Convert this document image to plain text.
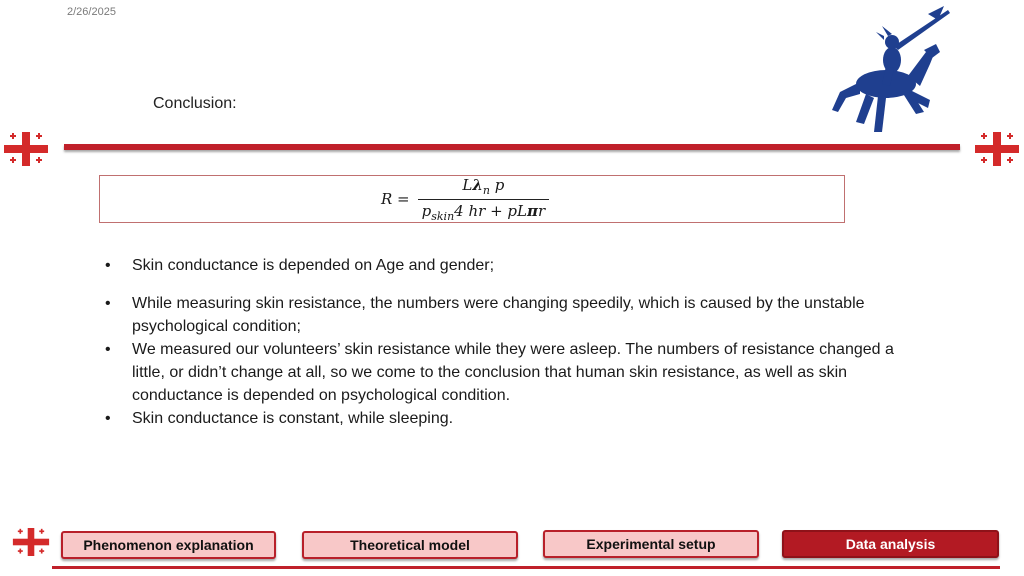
2/26/2025
Conclusion:
$R = \frac{L\lambda_n p}{p_{skin}4 hr + pL\pi r}$
•	Skin conductance is depended on Age and gender;
•	While measuring skin resistance, the numbers were changing speedily, which is caused by the unstable psychological condition;
•	We measured our volunteers’ skin resistance while they were asleep. The numbers of resistance changed a little, or didn’t change at all, so we come to the conclusion that human skin resistance, as well as skin conductance is depended on psychological condition.
•	Skin conductance is constant, while sleeping.
Phenomenon explanation	Theoretical model	Experimental setup	Data analysis
